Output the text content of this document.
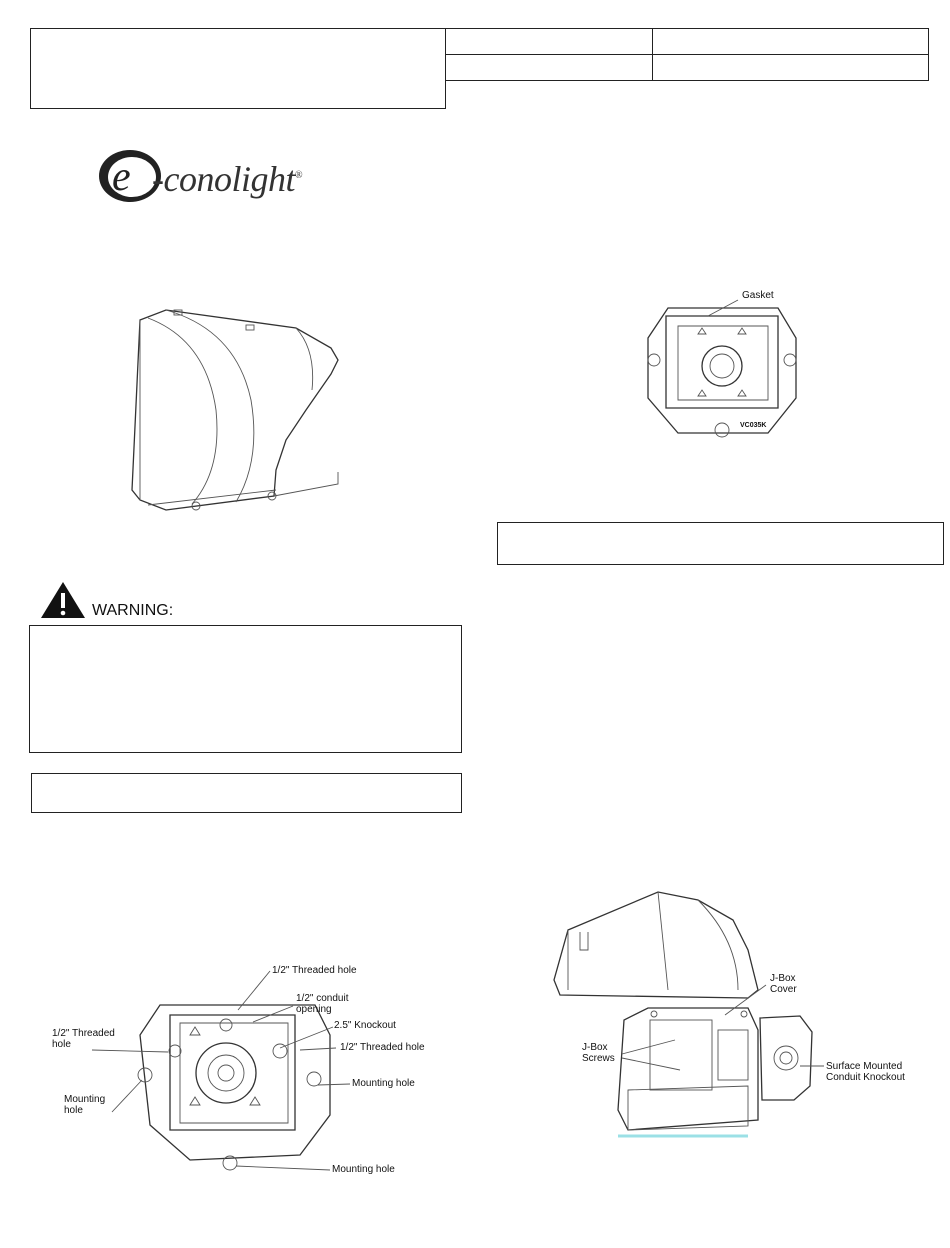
e -conolight®
Gasket
VC035K
WARNING:
1/2" Threaded hole
1/2" conduit
opening
2.5" Knockout
1/2" Threaded hole
1/2" Threaded
hole
Mounting
hole
Mounting hole
Mounting hole
J-Box
Cover
J-Box
Screws
Surface Mounted
Conduit Knockout
